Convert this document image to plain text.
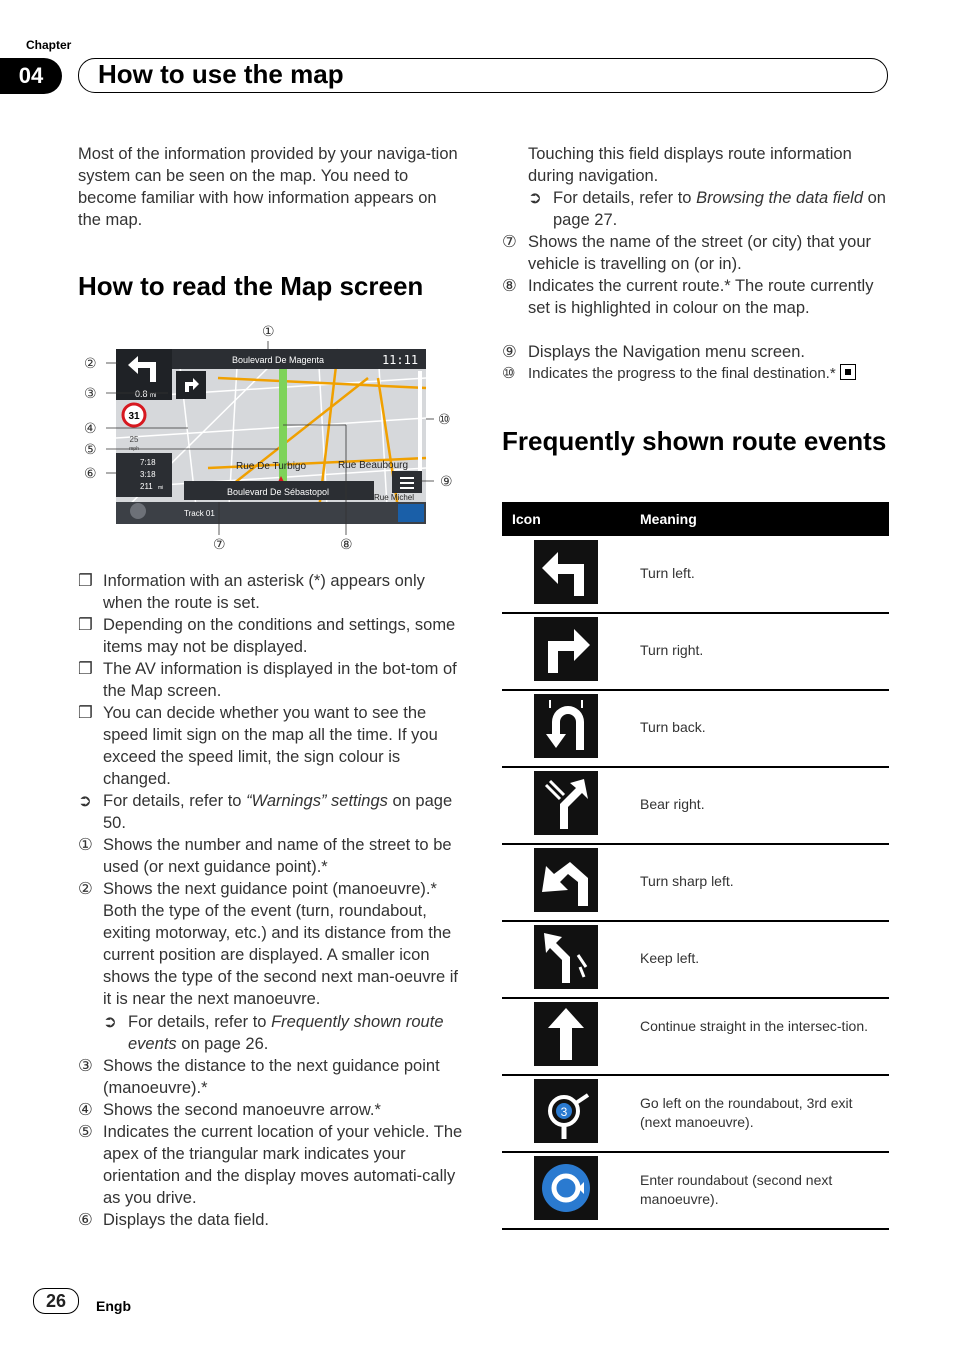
Chapter
04	How to use the map
Most of the information provided by your naviga-tion system can be seen on the map. You need to become familiar with how information appears on the map.
How to read the Map screen
Boulevard De Magenta	11:11
0.8 mi
31
25
mph
7:18
3:18
211 mi
Rue De Turbigo	Rue Beaubourg
Rue Michel
Boulevard De Sébastopol
Track 01
①
②
③
④
⑤
⑥
⑦	⑧
⑨
⑩
❒ Information with an asterisk (*) appears only when the route is set.
❒ Depending on the conditions and settings, some items may not be displayed.
❒ The AV information is displayed in the bot-tom of the Map screen.
❒ You can decide whether you want to see the speed limit sign on the map all the time. If you exceed the speed limit, the sign colour is changed.
➲ For details, refer to “Warnings” settings on page 50.
① Shows the number and name of the street to be used (or next guidance point).*
② Shows the next guidance point (manoeuvre).* Both the type of the event (turn, roundabout, exiting motorway, etc.) and its distance from the current position are displayed. A smaller icon shows the type of the second next man-oeuvre if it is near the next manoeuvre.
➲ For details, refer to Frequently shown route events on page 26.
③ Shows the distance to the next guidance point (manoeuvre).*
④ Shows the second manoeuvre arrow.*
⑤ Indicates the current location of your vehicle. The apex of the triangular mark indicates your orientation and the display moves automati-cally as you drive.
⑥ Displays the data field.
Touching this field displays route information during navigation.
➲ For details, refer to Browsing the data field on page 27.
⑦ Shows the name of the street (or city) that your vehicle is travelling on (or in).
⑧ Indicates the current route.* The route currently set is highlighted in colour on the map.
⑨ Displays the Navigation menu screen.
⑩ Indicates the progress to the final destination.*
Frequently shown route events
Icon	Meaning
Turn left.
Turn right.
Turn back.
Bear right.
Turn sharp left.
Keep left.
Continue straight in the intersec-tion.
3
Go left on the roundabout, 3rd exit (next manoeuvre).
Enter roundabout (second next manoeuvre).
26	Engb
